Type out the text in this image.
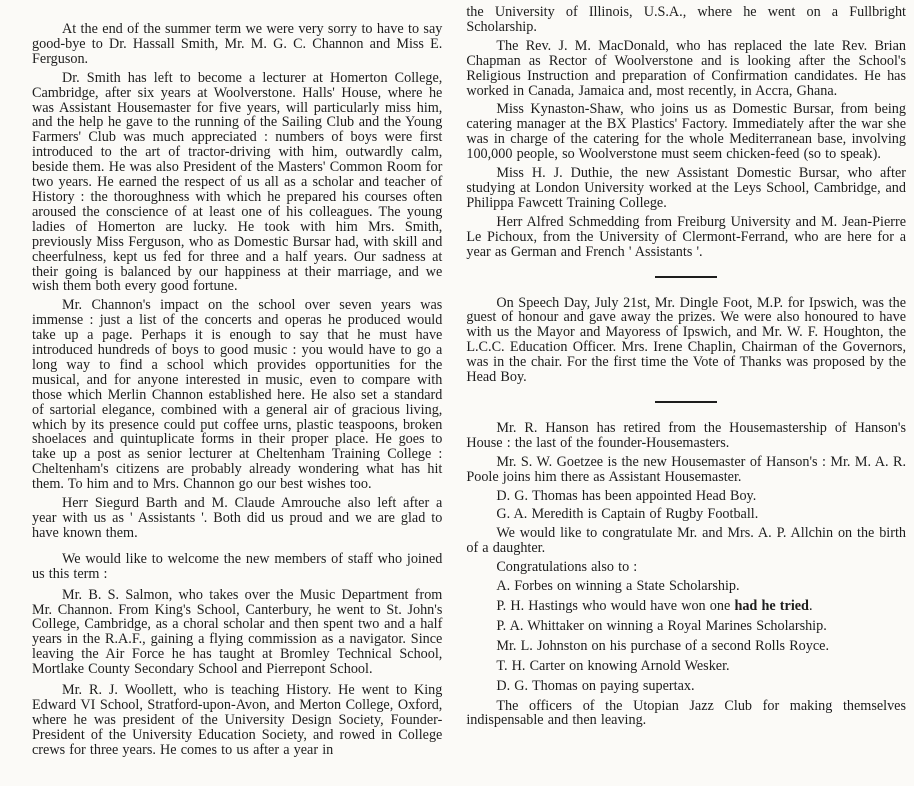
At the end of the summer term we were very sorry to have to say good-bye to Dr. Hassall Smith, Mr. M. G. C. Channon and Miss E. Ferguson.

Dr. Smith has left to become a lecturer at Homerton College, Cambridge, after six years at Woolverstone. Halls' House, where he was Assistant Housemaster for five years, will particularly miss him, and the help he gave to the running of the Sailing Club and the Young Farmers' Club was much appreciated : numbers of boys were first introduced to the art of tractor-driving with him, outwardly calm, beside them. He was also President of the Masters' Common Room for two years. He earned the respect of us all as a scholar and teacher of History : the thoroughness with which he prepared his courses often aroused the conscience of at least one of his colleagues. The young ladies of Homerton are lucky. He took with him Mrs. Smith, previously Miss Ferguson, who as Domestic Bursar had, with skill and cheerfulness, kept us fed for three and a half years. Our sadness at their going is balanced by our happiness at their marriage, and we wish them both every good fortune.

Mr. Channon's impact on the school over seven years was immense : just a list of the concerts and operas he produced would take up a page. Perhaps it is enough to say that he must have introduced hundreds of boys to good music : you would have to go a long way to find a school which provides opportunities for the musical, and for anyone interested in music, even to compare with those which Merlin Channon established here. He also set a standard of sartorial elegance, combined with a general air of gracious living, which by its presence could put coffee urns, plastic teaspoons, broken shoelaces and quintuplicate forms in their proper place. He goes to take up a post as senior lecturer at Cheltenham Training College : Cheltenham's citizens are probably already wondering what has hit them. To him and to Mrs. Channon go our best wishes too.

Herr Siegurd Barth and M. Claude Amrouche also left after a year with us as ' Assistants '. Both did us proud and we are glad to have known them.

We would like to welcome the new members of staff who joined us this term :

Mr. B. S. Salmon, who takes over the Music Department from Mr. Channon. From King's School, Canterbury, he went to St. John's College, Cambridge, as a choral scholar and then spent two and a half years in the R.A.F., gaining a flying commission as a navigator. Since leaving the Air Force he has taught at Bromley Technical School, Mortlake County Secondary School and Pierrepont School.

Mr. R. J. Woollett, who is teaching History. He went to King Edward VI School, Stratford-upon-Avon, and Merton College, Oxford, where he was president of the University Design Society, Founder-President of the University Education Society, and rowed in College crews for three years. He comes to us after a year in

the University of Illinois, U.S.A., where he went on a Fullbright Scholarship.

The Rev. J. M. MacDonald, who has replaced the late Rev. Brian Chapman as Rector of Woolverstone and is looking after the School's Religious Instruction and preparation of Confirmation candidates. He has worked in Canada, Jamaica and, most recently, in Accra, Ghana.

Miss Kynaston-Shaw, who joins us as Domestic Bursar, from being catering manager at the BX Plastics' Factory. Immediately after the war she was in charge of the catering for the whole Mediterranean base, involving 100,000 people, so Woolverstone must seem chicken-feed (so to speak).

Miss H. J. Duthie, the new Assistant Domestic Bursar, who after studying at London University worked at the Leys School, Cambridge, and Philippa Fawcett Training College.

Herr Alfred Schmedding from Freiburg University and M. Jean-Pierre Le Pichoux, from the University of Clermont-Ferrand, who are here for a year as German and French ' Assistants '.

On Speech Day, July 21st, Mr. Dingle Foot, M.P. for Ipswich, was the guest of honour and gave away the prizes. We were also honoured to have with us the Mayor and Mayoress of Ipswich, and Mr. W. F. Houghton, the L.C.C. Education Officer. Mrs. Irene Chaplin, Chairman of the Governors, was in the chair. For the first time the Vote of Thanks was proposed by the Head Boy.

Mr. R. Hanson has retired from the Housemastership of Hanson's House : the last of the founder-Housemasters.

Mr. S. W. Goetzee is the new Housemaster of Hanson's : Mr. M. A. R. Poole joins him there as Assistant Housemaster.

D. G. Thomas has been appointed Head Boy.

G. A. Meredith is Captain of Rugby Football.

We would like to congratulate Mr. and Mrs. A. P. Allchin on the birth of a daughter.

Congratulations also to :

A. Forbes on winning a State Scholarship.

P. H. Hastings who would have won one had he tried.

P. A. Whittaker on winning a Royal Marines Scholarship.

Mr. L. Johnston on his purchase of a second Rolls Royce.

T. H. Carter on knowing Arnold Wesker.

D. G. Thomas on paying supertax.

The officers of the Utopian Jazz Club for making themselves indispensable and then leaving.
